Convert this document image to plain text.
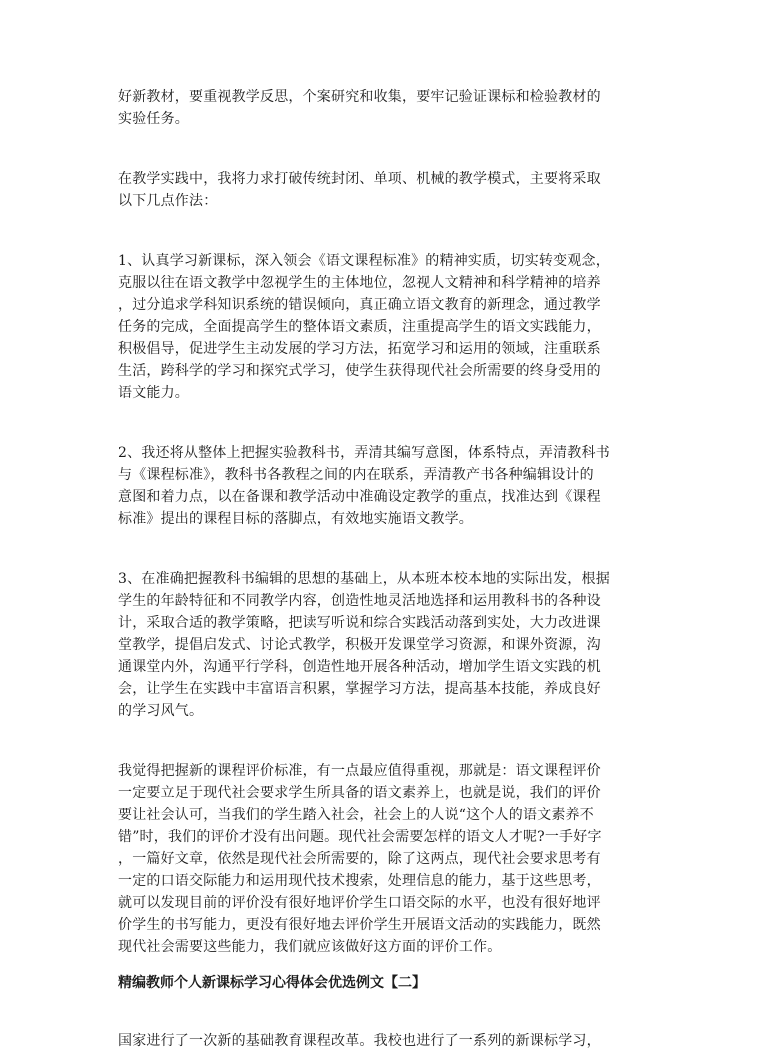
好新教材，要重视教学反思，个案研究和收集，要牢记验证课标和检验教材的
实验任务。

在教学实践中，我将力求打破传统封闭、单项、机械的教学模式，主要将采取
以下几点作法：

1、认真学习新课标，深入领会《语文课程标准》的精神实质，切实转变观念，
克服以往在语文教学中忽视学生的主体地位，忽视人文精神和科学精神的培养
，过分追求学科知识系统的错误倾向，真正确立语文教育的新理念，通过教学
任务的完成，全面提高学生的整体语文素质，注重提高学生的语文实践能力，
积极倡导，促进学生主动发展的学习方法，拓宽学习和运用的领域，注重联系
生活，跨科学的学习和探究式学习，使学生获得现代社会所需要的终身受用的
语文能力。

2、我还将从整体上把握实验教科书，弄清其编写意图，体系特点，弄清教科书
与《课程标准》，教科书各教程之间的内在联系，弄清教产书各种编辑设计的
意图和着力点，以在备课和教学活动中准确设定教学的重点，找准达到《课程
标准》提出的课程目标的落脚点，有效地实施语文教学。

3、在准确把握教科书编辑的思想的基础上，从本班本校本地的实际出发，根据
学生的年龄特征和不同教学内容，创造性地灵活地选择和运用教科书的各种设
计，采取合适的教学策略，把读写听说和综合实践活动落到实处，大力改进课
堂教学，提倡启发式、讨论式教学，积极开发课堂学习资源，和课外资源，沟
通课堂内外，沟通平行学科，创造性地开展各种活动，增加学生语文实践的机
会，让学生在实践中丰富语言积累，掌握学习方法，提高基本技能，养成良好
的学习风气。

我觉得把握新的课程评价标准，有一点最应值得重视，那就是：语文课程评价
一定要立足于现代社会要求学生所具备的语文素养上，也就是说，我们的评价
要让社会认可，当我们的学生踏入社会，社会上的人说“这个人的语文素养不
错”时，我们的评价才没有出问题。现代社会需要怎样的语文人才呢?一手好字
，一篇好文章，依然是现代社会所需要的，除了这两点，现代社会要求思考有
一定的口语交际能力和运用现代技术搜索，处理信息的能力，基于这些思考，
就可以发现目前的评价没有很好地评价学生口语交际的水平，也没有很好地评
价学生的书写能力，更没有很好地去评价学生开展语文活动的实践能力，既然
现代社会需要这些能力，我们就应该做好这方面的评价工作。

精编教师个人新课标学习心得体会优选例文【二】

国家进行了一次新的基础教育课程改革。我校也进行了一系列的新课标学习，
